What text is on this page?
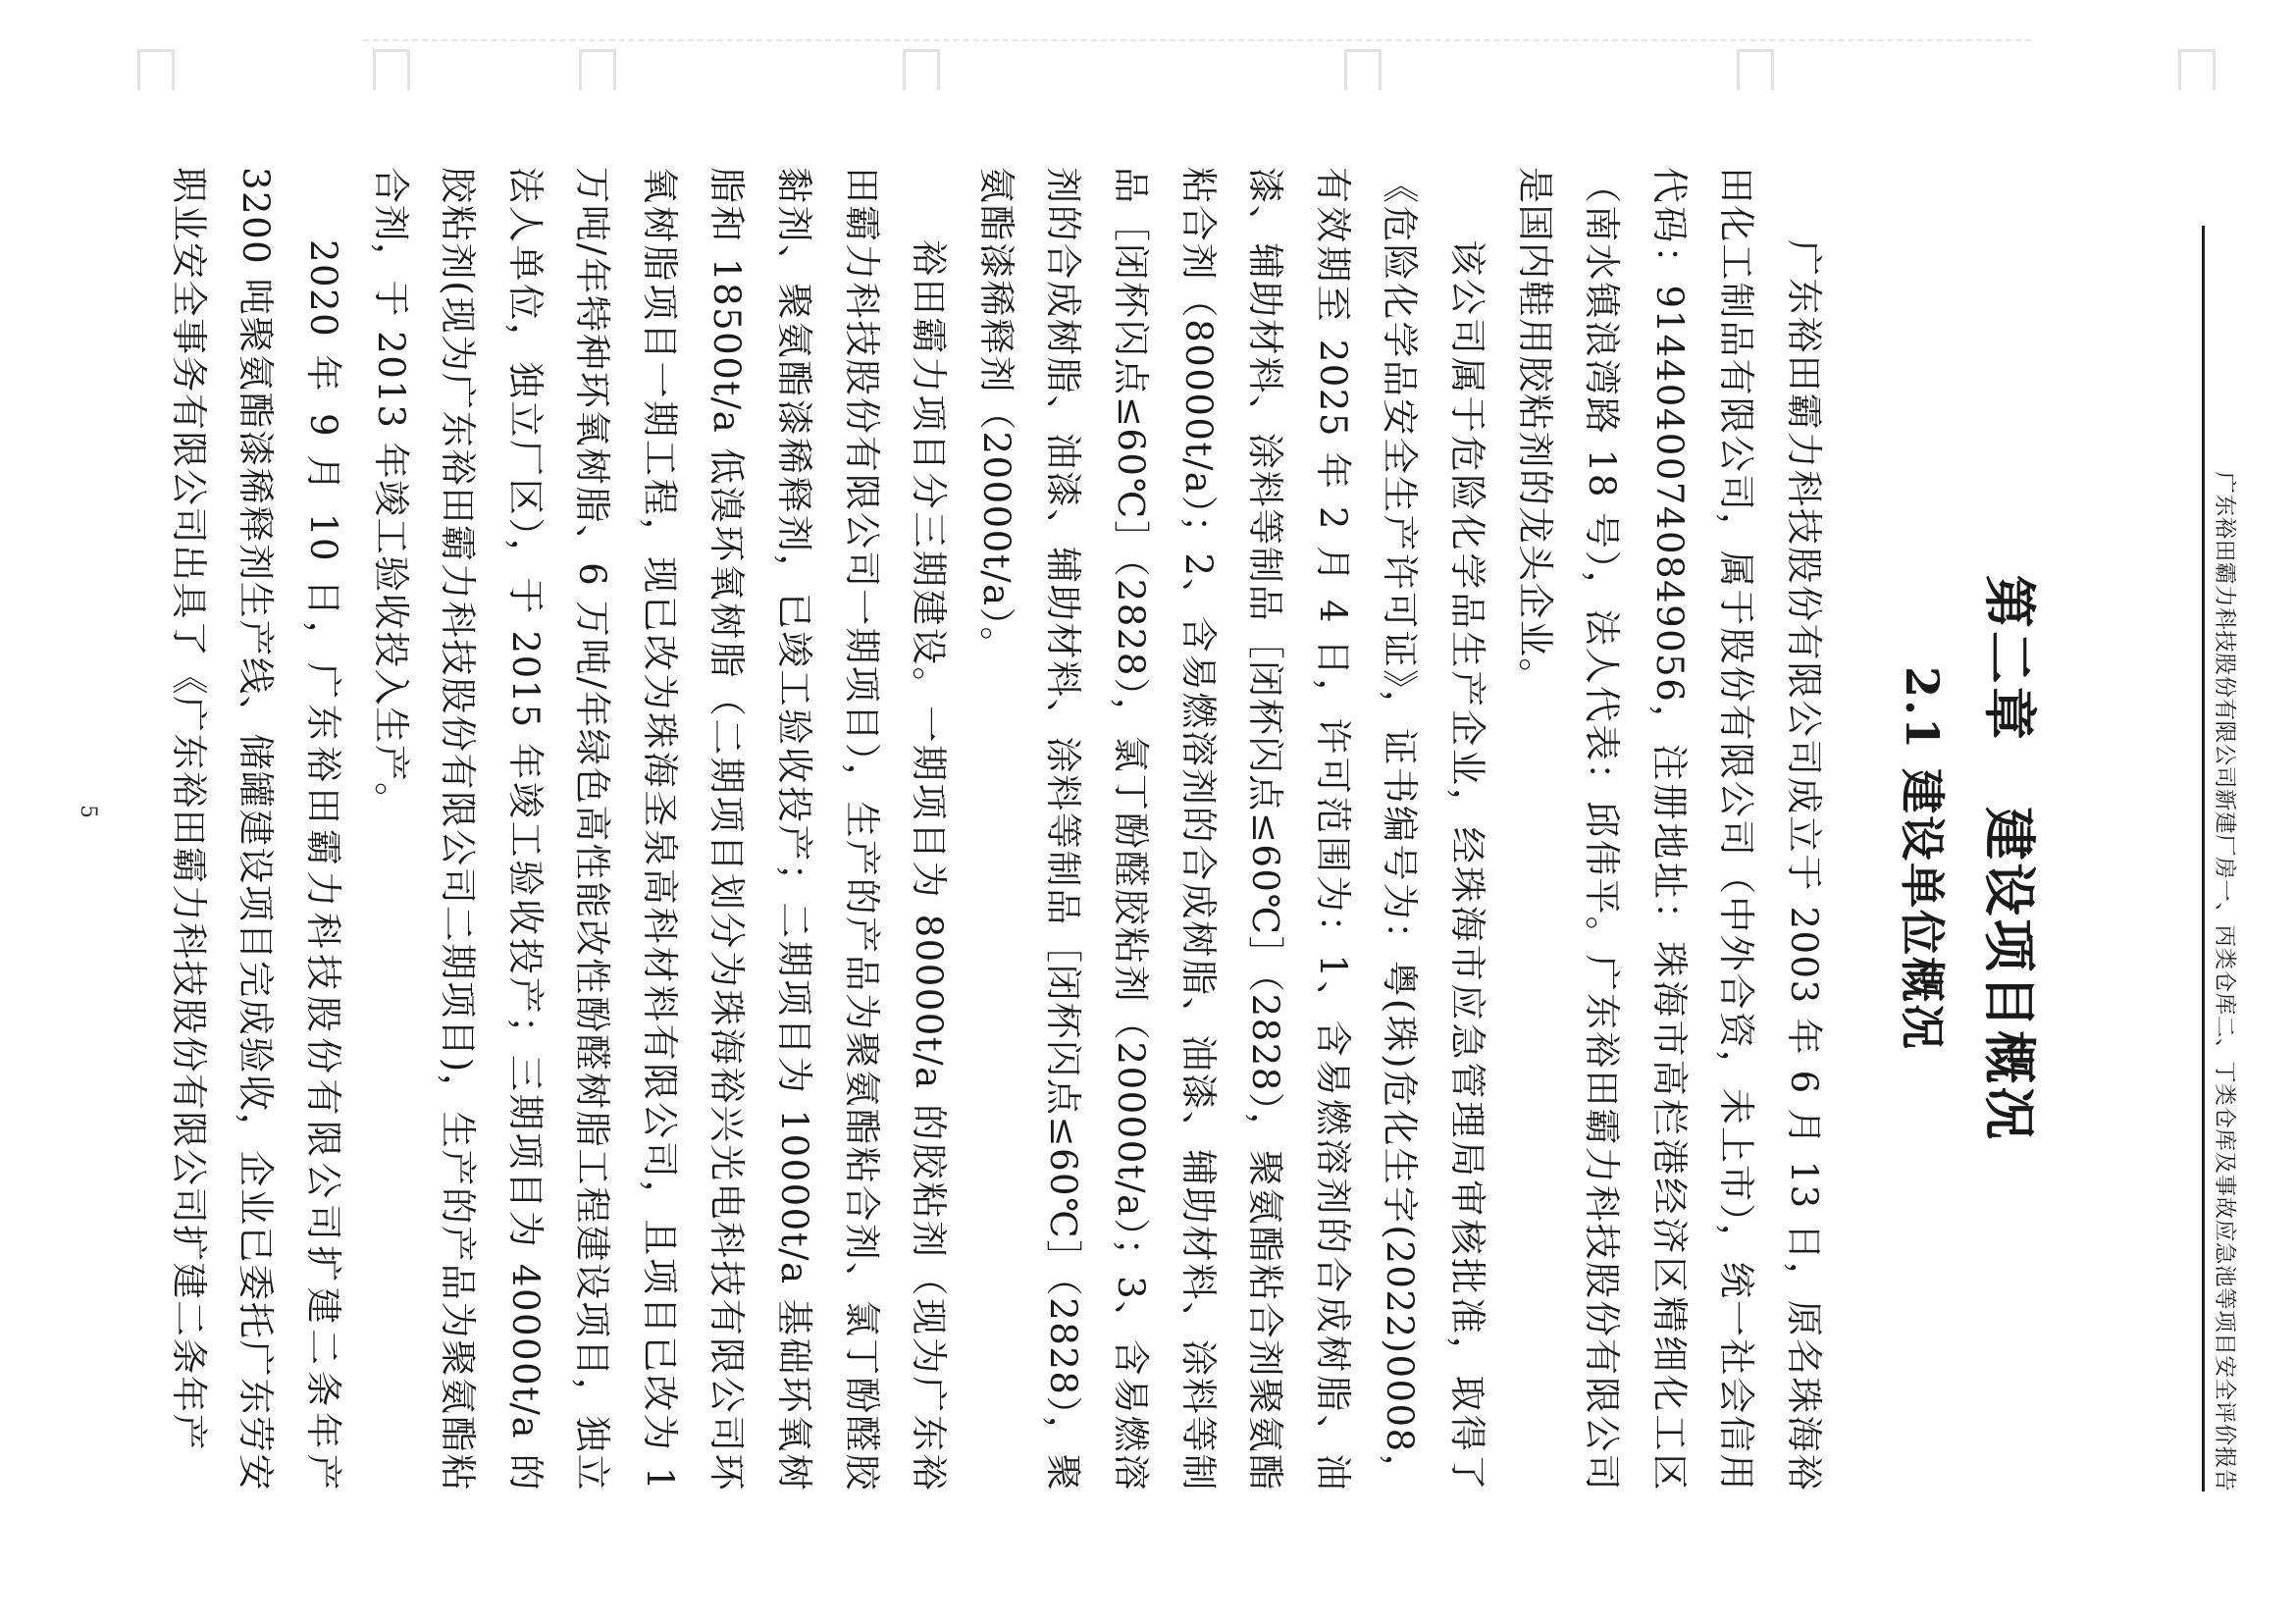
广东裕田霸力科技股份有限公司新建厂房一、丙类仓库二、丁类仓库及事故应急池等项目安全评价报告
第二章   建设项目概况
2.1 建设单位概况

广东裕田霸力科技股份有限公司成立于 2003 年 6 月 13 日，原名珠海裕田化工制品有限公司，属于股份有限公司（中外合资，未上市），统一社会信用代码：91440400740849056，注册地址：珠海市高栏港经济区精细化工区（南水镇浪湾路 18 号），法人代表：邱伟平。广东裕田霸力科技股份有限公司是国内鞋用胶粘剂的龙头企业。

该公司属于危险化学品生产企业，经珠海市应急管理局审核批准，取得了《危险化学品安全生产许可证》，证书编号为：粤(珠)危化生字(2022)0008，有效期至 2025 年 2 月 4 日，许可范围为：1、含易燃溶剂的合成树脂、油漆、辅助材料、涂料等制品［闭杯闪点≤60℃］（2828），聚氨酯粘合剂聚氨酯粘合剂（80000t/a）；2、含易燃溶剂的合成树脂、油漆、辅助材料、涂料等制品［闭杯闪点≤60℃］（2828），氯丁酚醛胶粘剂（20000t/a）；3、含易燃溶剂的合成树脂、油漆、辅助材料、涂料等制品［闭杯闪点≤60℃］（2828），聚氨酯漆稀释剂（20000t/a）。

裕田霸力项目分三期建设。一期项目为 80000t/a 的胶粘剂（现为广东裕田霸力科技股份有限公司一期项目），生产的产品为聚氨酯粘合剂、氯丁酚醛胶黏剂、聚氨酯漆稀释剂，已竣工验收投产；二期项目为 10000t/a 基础环氧树脂和 18500t/a 低溴环氧树脂（二期项目划分为珠海裕兴光电科技有限公司环氧树脂项目一期工程，现已改为珠海圣泉高科材料有限公司，且项目已改为 1 万吨/年特种环氧树脂、6 万吨/年绿色高性能改性酚醛树脂工程建设项目，独立法人单位，独立厂区），于 2015 年竣工验收投产；三期项目为 40000t/a 的胶粘剂(现为广东裕田霸力科技股份有限公司二期项目)，生产的产品为聚氨酯粘合剂，于 2013 年竣工验收投入生产。

2020 年 9 月 10 日，广东裕田霸力科技股份有限公司扩建二条年产 3200 吨聚氨酯漆稀释剂生产线、储罐建设项目完成验收，企业已委托广东劳安职业安全事务有限公司出具了《广东裕田霸力科技股份有限公司扩建二条年产

5
